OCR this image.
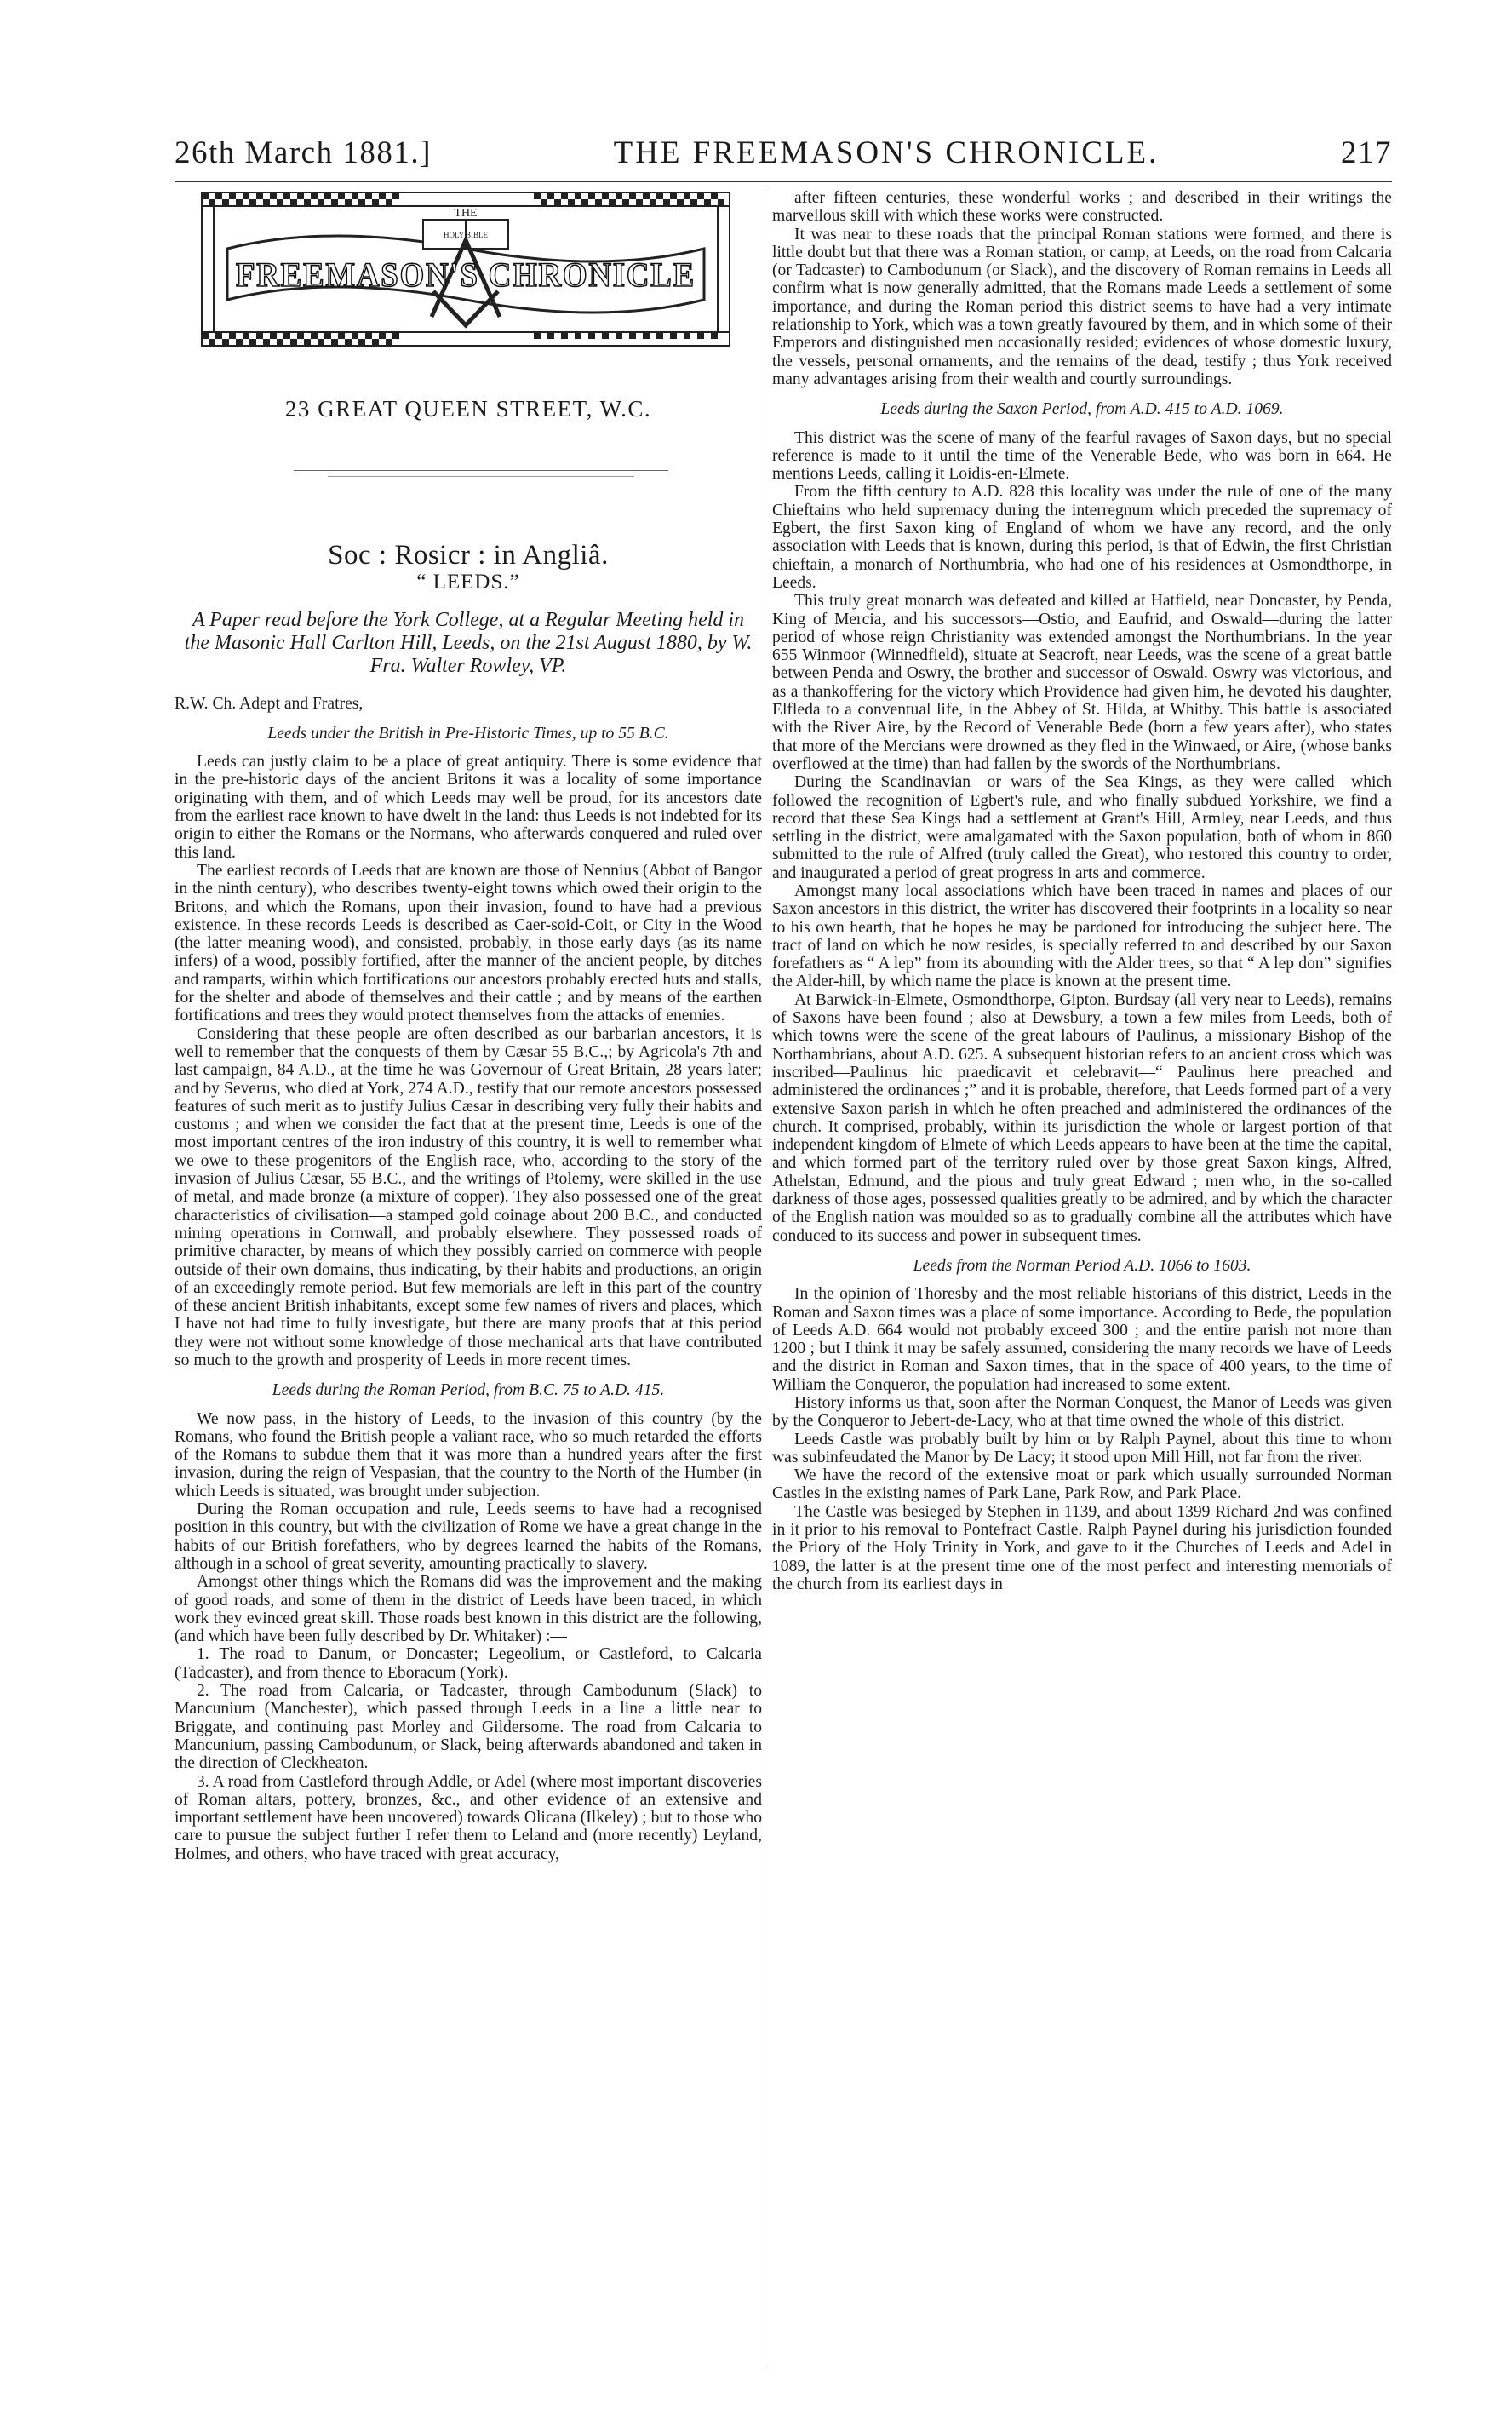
26th March 1881.]	THE FREEMASON'S CHRONICLE.	217
THE
HOLY BIBLE
FREEMASON'S CHRONICLE
23 GREAT QUEEN STREET, W.C.
Soc : Rosicr : in Angliâ.
“ LEEDS.”
A Paper read before the York College, at a Regular Meeting held in the Masonic Hall Carlton Hill, Leeds, on the 21st August 1880, by W. Fra. Walter Rowley, VP.

R.W. Ch. Adept and Fratres,

Leeds under the British in Pre-Historic Times, up to 55 B.C.

Leeds can justly claim to be a place of great antiquity. There is some evidence that in the pre-historic days of the ancient Britons it was a locality of some importance originating with them, and of which Leeds may well be proud, for its ancestors date from the earliest race known to have dwelt in the land: thus Leeds is not indebted for its origin to either the Romans or the Normans, who afterwards conquered and ruled over this land.

The earliest records of Leeds that are known are those of Nennius (Abbot of Bangor in the ninth century), who describes twenty-eight towns which owed their origin to the Britons, and which the Romans, upon their invasion, found to have had a previous existence. In these records Leeds is described as Caer-soid-Coit, or City in the Wood (the latter meaning wood), and consisted, probably, in those early days (as its name infers) of a wood, possibly fortified, after the manner of the ancient people, by ditches and ramparts, within which fortifications our ancestors probably erected huts and stalls, for the shelter and abode of themselves and their cattle ; and by means of the earthen fortifications and trees they would protect themselves from the attacks of enemies.

Considering that these people are often described as our barbarian ancestors, it is well to remember that the conquests of them by Cæsar 55 B.C.,; by Agricola's 7th and last campaign, 84 A.D., at the time he was Governour of Great Britain, 28 years later; and by Severus, who died at York, 274 A.D., testify that our remote ancestors possessed features of such merit as to justify Julius Cæsar in describing very fully their habits and customs ; and when we consider the fact that at the present time, Leeds is one of the most important centres of the iron industry of this country, it is well to remember what we owe to these progenitors of the English race, who, according to the story of the invasion of Julius Cæsar, 55 B.C., and the writings of Ptolemy, were skilled in the use of metal, and made bronze (a mixture of copper). They also possessed one of the great characteristics of civilisation—a stamped gold coinage about 200 B.C., and conducted mining operations in Cornwall, and probably elsewhere. They possessed roads of primitive character, by means of which they possibly carried on commerce with people outside of their own domains, thus indicating, by their habits and productions, an origin of an exceedingly remote period. But few memorials are left in this part of the country of these ancient British inhabitants, except some few names of rivers and places, which I have not had time to fully investigate, but there are many proofs that at this period they were not without some knowledge of those mechanical arts that have contributed so much to the growth and prosperity of Leeds in more recent times.

Leeds during the Roman Period, from B.C. 75 to A.D. 415.

We now pass, in the history of Leeds, to the invasion of this country (by the Romans, who found the British people a valiant race, who so much retarded the efforts of the Romans to subdue them that it was more than a hundred years after the first invasion, during the reign of Vespasian, that the country to the North of the Humber (in which Leeds is situated, was brought under subjection.

During the Roman occupation and rule, Leeds seems to have had a recognised position in this country, but with the civilization of Rome we have a great change in the habits of our British forefathers, who by degrees learned the habits of the Romans, although in a school of great severity, amounting practically to slavery.

Amongst other things which the Romans did was the improvement and the making of good roads, and some of them in the district of Leeds have been traced, in which work they evinced great skill. Those roads best known in this district are the following, (and which have been fully described by Dr. Whitaker) :—

1. The road to Danum, or Doncaster; Legeolium, or Castleford, to Calcaria (Tadcaster), and from thence to Eboracum (York).

2. The road from Calcaria, or Tadcaster, through Cambodunum (Slack) to Mancunium (Manchester), which passed through Leeds in a line a little near to Briggate, and continuing past Morley and Gildersome. The road from Calcaria to Mancunium, passing Cambodunum, or Slack, being afterwards abandoned and taken in the direction of Cleckheaton.

3. A road from Castleford through Addle, or Adel (where most important discoveries of Roman altars, pottery, bronzes, &c., and other evidence of an extensive and important settlement have been uncovered) towards Olicana (Ilkeley) ; but to those who care to pursue the subject further I refer them to Leland and (more recently) Leyland, Holmes, and others, who have traced with great accuracy,

after fifteen centuries, these wonderful works ; and described in their writings the marvellous skill with which these works were constructed.

It was near to these roads that the principal Roman stations were formed, and there is little doubt but that there was a Roman station, or camp, at Leeds, on the road from Calcaria (or Tadcaster) to Cambodunum (or Slack), and the discovery of Roman remains in Leeds all confirm what is now generally admitted, that the Romans made Leeds a settlement of some importance, and during the Roman period this district seems to have had a very intimate relationship to York, which was a town greatly favoured by them, and in which some of their Emperors and distinguished men occasionally resided; evidences of whose domestic luxury, the vessels, personal ornaments, and the remains of the dead, testify ; thus York received many advantages arising from their wealth and courtly surroundings.

Leeds during the Saxon Period, from A.D. 415 to A.D. 1069.

This district was the scene of many of the fearful ravages of Saxon days, but no special reference is made to it until the time of the Venerable Bede, who was born in 664. He mentions Leeds, calling it Loidis-en-Elmete.

From the fifth century to A.D. 828 this locality was under the rule of one of the many Chieftains who held supremacy during the interregnum which preceded the supremacy of Egbert, the first Saxon king of England of whom we have any record, and the only association with Leeds that is known, during this period, is that of Edwin, the first Christian chieftain, a monarch of Northumbria, who had one of his residences at Osmondthorpe, in Leeds.

This truly great monarch was defeated and killed at Hatfield, near Doncaster, by Penda, King of Mercia, and his successors—Ostio, and Eaufrid, and Oswald—during the latter period of whose reign Christianity was extended amongst the Northumbrians. In the year 655 Winmoor (Winnedfield), situate at Seacroft, near Leeds, was the scene of a great battle between Penda and Oswry, the brother and successor of Oswald. Oswry was victorious, and as a thankoffering for the victory which Providence had given him, he devoted his daughter, Elfleda to a conventual life, in the Abbey of St. Hilda, at Whitby. This battle is associated with the River Aire, by the Record of Venerable Bede (born a few years after), who states that more of the Mercians were drowned as they fled in the Winwaed, or Aire, (whose banks overflowed at the time) than had fallen by the swords of the Northumbrians.

During the Scandinavian—or wars of the Sea Kings, as they were called—which followed the recognition of Egbert's rule, and who finally subdued Yorkshire, we find a record that these Sea Kings had a settlement at Grant's Hill, Armley, near Leeds, and thus settling in the district, were amalgamated with the Saxon population, both of whom in 860 submitted to the rule of Alfred (truly called the Great), who restored this country to order, and inaugurated a period of great progress in arts and commerce.

Amongst many local associations which have been traced in names and places of our Saxon ancestors in this district, the writer has discovered their footprints in a locality so near to his own hearth, that he hopes he may be pardoned for introducing the subject here. The tract of land on which he now resides, is specially referred to and described by our Saxon forefathers as “ A lep” from its abounding with the Alder trees, so that “ A lep don” signifies the Alder-hill, by which name the place is known at the present time.

At Barwick-in-Elmete, Osmondthorpe, Gipton, Burdsay (all very near to Leeds), remains of Saxons have been found ; also at Dewsbury, a town a few miles from Leeds, both of which towns were the scene of the great labours of Paulinus, a missionary Bishop of the Northambrians, about A.D. 625. A subsequent historian refers to an ancient cross which was inscribed—Paulinus hic praedicavit et celebravit—“ Paulinus here preached and administered the ordinances ;” and it is probable, therefore, that Leeds formed part of a very extensive Saxon parish in which he often preached and administered the ordinances of the church. It comprised, probably, within its jurisdiction the whole or largest portion of that independent kingdom of Elmete of which Leeds appears to have been at the time the capital, and which formed part of the territory ruled over by those great Saxon kings, Alfred, Athelstan, Edmund, and the pious and truly great Edward ; men who, in the so-called darkness of those ages, possessed qualities greatly to be admired, and by which the character of the English nation was moulded so as to gradually combine all the attributes which have conduced to its success and power in subsequent times.

Leeds from the Norman Period A.D. 1066 to 1603.

In the opinion of Thoresby and the most reliable historians of this district, Leeds in the Roman and Saxon times was a place of some importance. According to Bede, the population of Leeds A.D. 664 would not probably exceed 300 ; and the entire parish not more than 1200 ; but I think it may be safely assumed, considering the many records we have of Leeds and the district in Roman and Saxon times, that in the space of 400 years, to the time of William the Conqueror, the population had increased to some extent.

History informs us that, soon after the Norman Conquest, the Manor of Leeds was given by the Conqueror to Jebert-de-Lacy, who at that time owned the whole of this district.

Leeds Castle was probably built by him or by Ralph Paynel, about this time to whom was subinfeudated the Manor by De Lacy; it stood upon Mill Hill, not far from the river.

We have the record of the extensive moat or park which usually surrounded Norman Castles in the existing names of Park Lane, Park Row, and Park Place.

The Castle was besieged by Stephen in 1139, and about 1399 Richard 2nd was confined in it prior to his removal to Pontefract Castle. Ralph Paynel during his jurisdiction founded the Priory of the Holy Trinity in York, and gave to it the Churches of Leeds and Adel in 1089, the latter is at the present time one of the most perfect and interesting memorials of the church from its earliest days in
